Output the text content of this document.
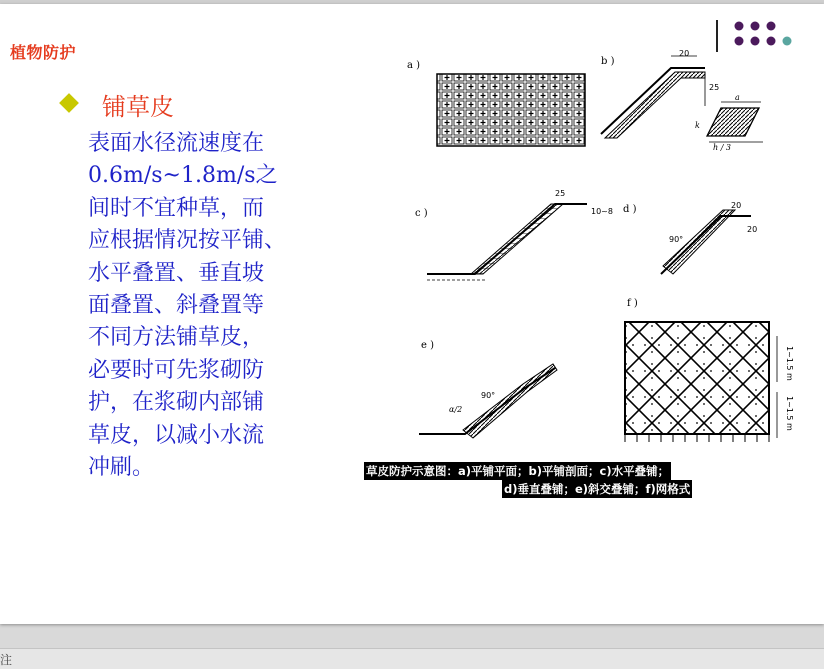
植物防护
铺草皮
表面水径流速度在
0.6m/s~1.8m/s之
间时不宜种草，而
应根据情况按平铺、
水平叠置、垂直坡
面叠置、斜叠置等
不同方法铺草皮，
必要时可先浆砌防
护，在浆砌内部铺
草皮，以减小水流
冲刷。
a )	b )
20
25
a
k
h / 3
c )
25
10~8 d )	20
20
90°
e )
90°
α/2
f )
1~1.5 m
1~1.5 m
草皮防护示意图：a)平铺平面；b)平铺剖面；c)水平叠铺；
d)垂直叠铺；e)斜交叠铺；f)网格式
注
